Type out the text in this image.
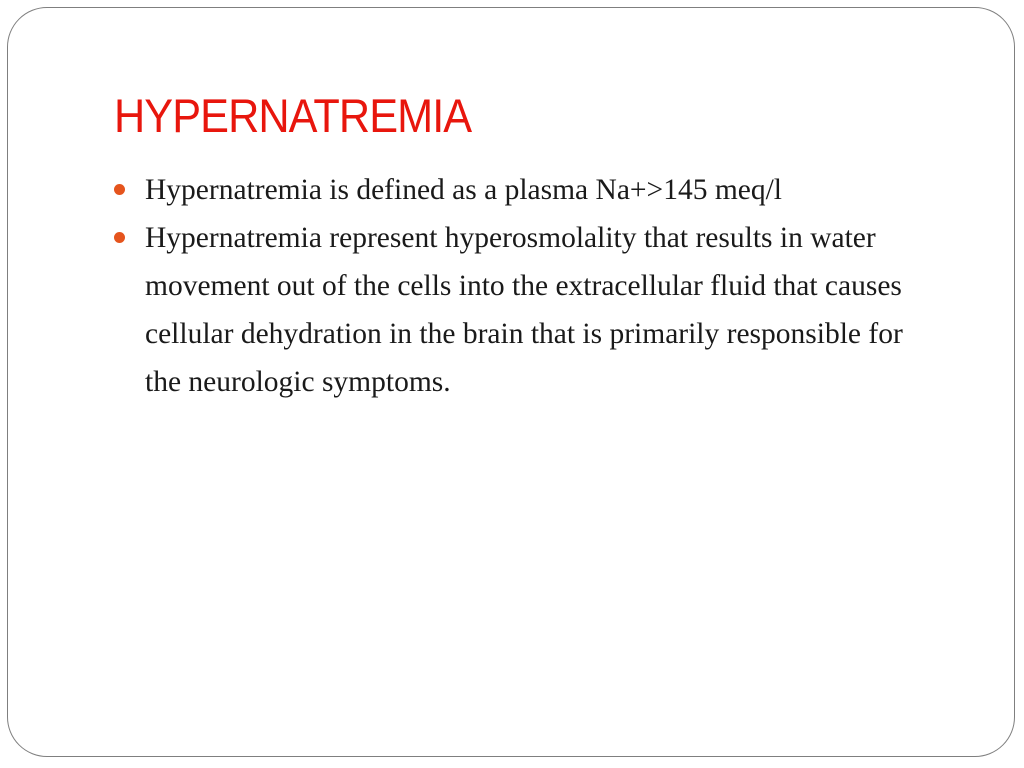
HYPERNATREMIA
Hypernatremia is defined as a plasma Na+>145 meq/l
Hypernatremia represent hyperosmolality that results in water movement out of the cells into the extracellular fluid that causes cellular dehydration in the brain that is primarily responsible for the neurologic symptoms.
